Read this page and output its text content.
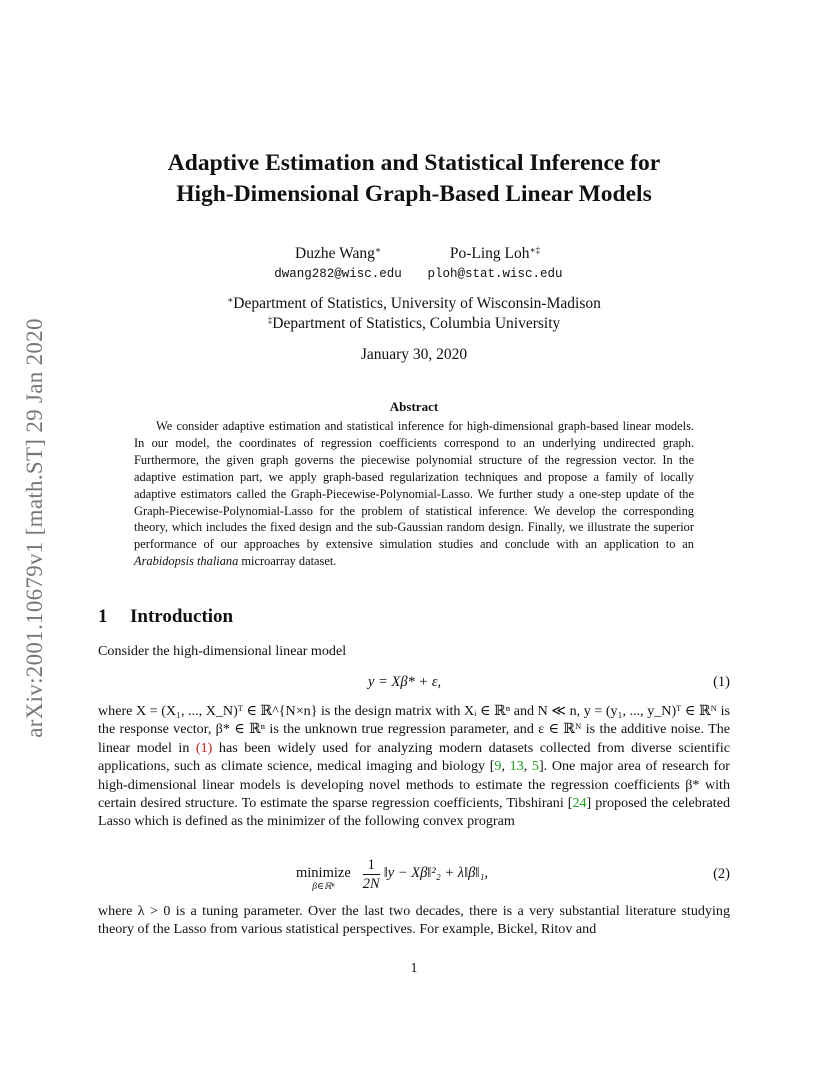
arXiv:2001.10679v1 [math.ST] 29 Jan 2020
Adaptive Estimation and Statistical Inference for
High-Dimensional Graph-Based Linear Models
Duzhe Wang∗
dwang282@wisc.edu
Po-Ling Loh∗‡
ploh@stat.wisc.edu
∗Department of Statistics, University of Wisconsin-Madison
‡Department of Statistics, Columbia University
January 30, 2020
Abstract

We consider adaptive estimation and statistical inference for high-dimensional graph-based linear models. In our model, the coordinates of regression coefficients correspond to an underlying undirected graph. Furthermore, the given graph governs the piecewise polynomial structure of the regression vector. In the adaptive estimation part, we apply graph-based regularization techniques and propose a family of locally adaptive estimators called the Graph-Piecewise-Polynomial-Lasso. We further study a one-step update of the Graph-Piecewise-Polynomial-Lasso for the problem of statistical inference. We develop the corresponding theory, which includes the fixed design and the sub-Gaussian random design. Finally, we illustrate the superior performance of our approaches by extensive simulation studies and conclude with an application to an Arabidopsis thaliana microarray dataset.

1 Introduction

Consider the high-dimensional linear model

y = Xβ* + ε,	(1)

where X = (X₁, ..., X_N)ᵀ ∈ ℝ^{N×n} is the design matrix with Xᵢ ∈ ℝⁿ and N ≪ n, y = (y₁, ..., y_N)ᵀ ∈ ℝᴺ is the response vector, β* ∈ ℝⁿ is the unknown true regression parameter, and ε ∈ ℝᴺ is the additive noise. The linear model in (1) has been widely used for analyzing modern datasets collected from diverse scientific applications, such as climate science, medical imaging and biology [9, 13, 5]. One major area of research for high-dimensional linear models is developing novel methods to estimate the regression coefficients β* with certain desired structure. To estimate the sparse regression coefficients, Tibshirani [24] proposed the celebrated Lasso which is defined as the minimizer of the following convex program

minimize
β∈ℝⁿ	$\frac{1}{2N}$ ‖y − Xβ‖²₂ + λ‖β‖₁,	(2)

where λ > 0 is a tuning parameter. Over the last two decades, there is a very substantial literature studying theory of the Lasso from various statistical perspectives. For example, Bickel, Ritov and

1
